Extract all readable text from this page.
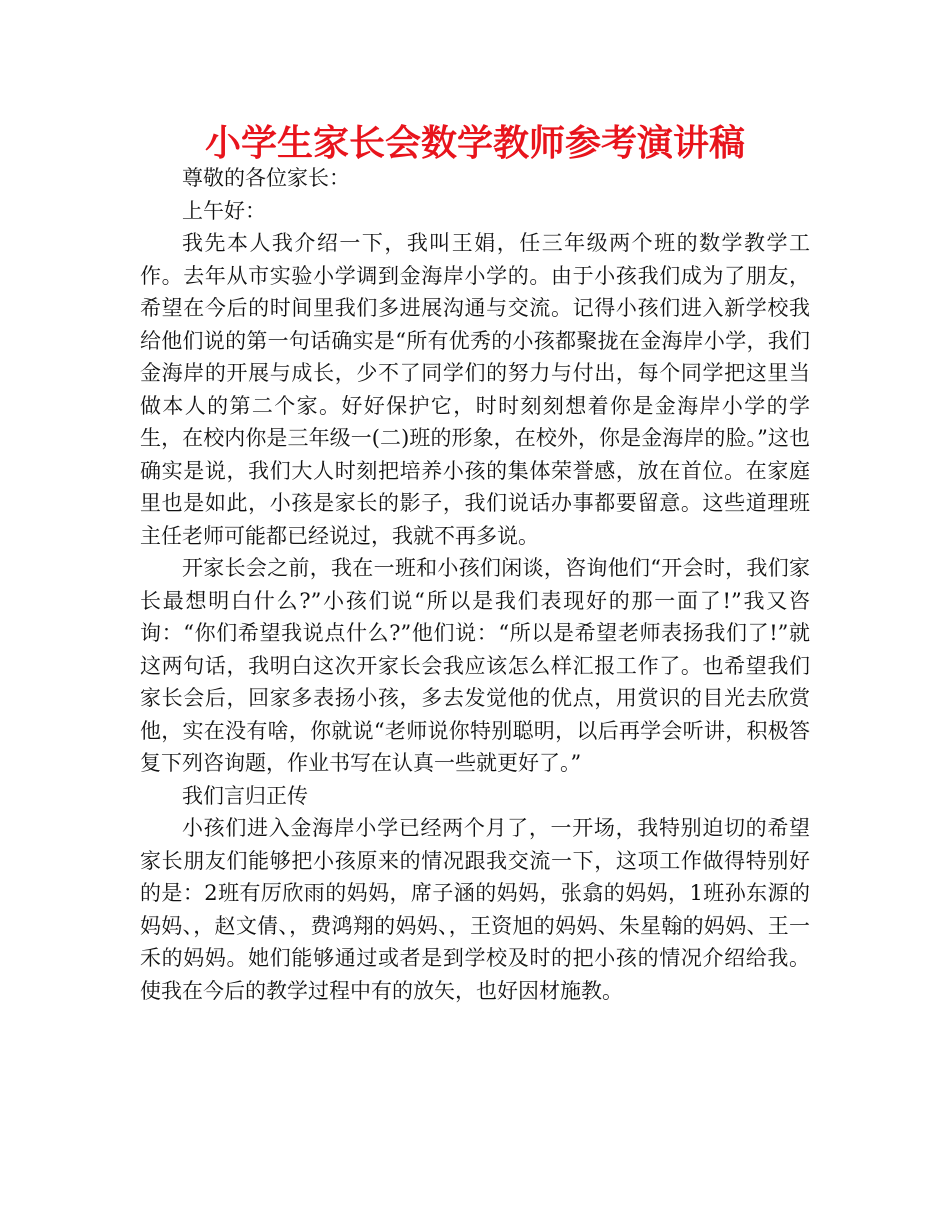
小学生家长会数学教师参考演讲稿

尊敬的各位家长：

上午好：

我先本人我介绍一下，我叫王娟，任三年级两个班的数学教学工作。去年从市实验小学调到金海岸小学的。由于小孩我们成为了朋友，希望在今后的时间里我们多进展沟通与交流。记得小孩们进入新学校我给他们说的第一句话确实是“所有优秀的小孩都聚拢在金海岸小学，我们金海岸的开展与成长，少不了同学们的努力与付出，每个同学把这里当做本人的第二个家。好好保护它，时时刻刻想着你是金海岸小学的学生，在校内你是三年级一(二)班的形象，在校外，你是金海岸的脸。”这也确实是说，我们大人时刻把培养小孩的集体荣誉感，放在首位。在家庭里也是如此，小孩是家长的影子，我们说话办事都要留意。这些道理班主任老师可能都已经说过，我就不再多说。

开家长会之前，我在一班和小孩们闲谈，咨询他们“开会时，我们家长最想明白什么?”小孩们说“所以是我们表现好的那一面了!”我又咨询：“你们希望我说点什么?”他们说：“所以是希望老师表扬我们了!”就这两句话，我明白这次开家长会我应该怎么样汇报工作了。也希望我们家长会后，回家多表扬小孩，多去发觉他的优点，用赏识的目光去欣赏他，实在没有啥，你就说“老师说你特别聪明，以后再学会听讲，积极答复下列咨询题，作业书写在认真一些就更好了。”

我们言归正传

小孩们进入金海岸小学已经两个月了，一开场，我特别迫切的希望家长朋友们能够把小孩原来的情况跟我交流一下，这项工作做得特别好的是：2班有厉欣雨的妈妈，席子涵的妈妈，张翕的妈妈，1班孙东源的妈妈、，赵文倩、，费鸿翔的妈妈、，王资旭的妈妈、朱星翰的妈妈、王一禾的妈妈。她们能够通过或者是到学校及时的把小孩的情况介绍给我。使我在今后的教学过程中有的放矢，也好因材施教。
